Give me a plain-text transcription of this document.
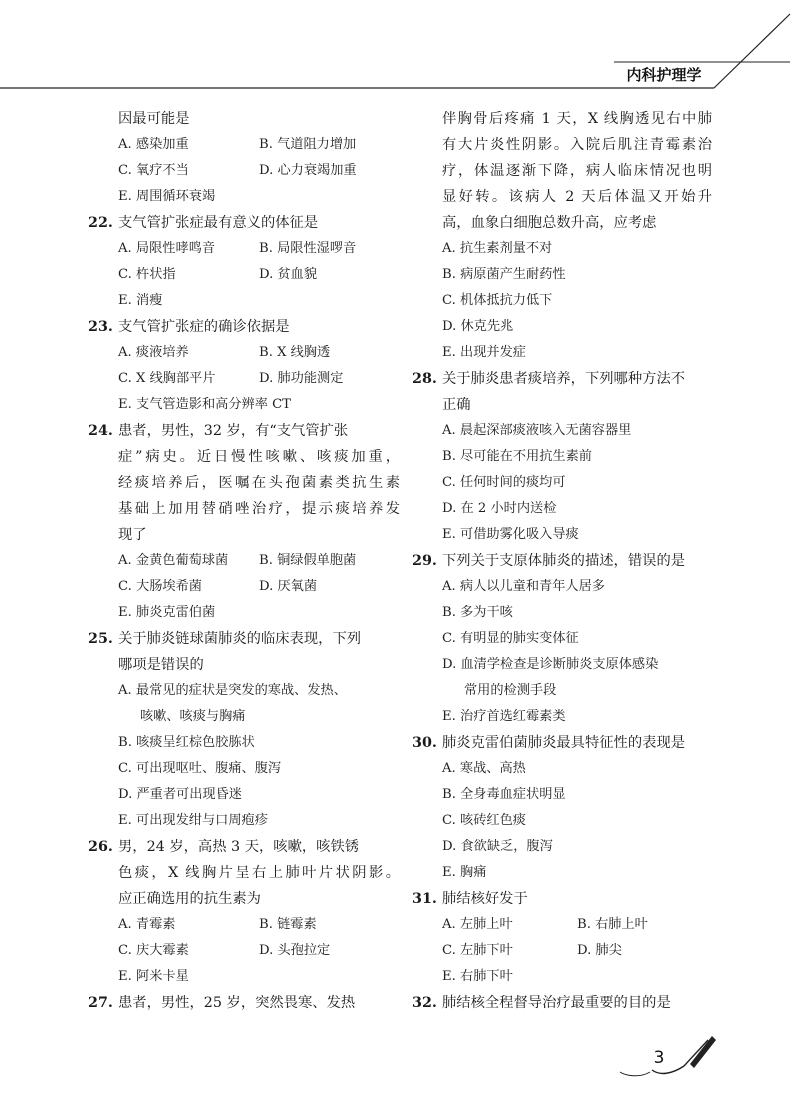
内科护理学
因最可能是
A. 感染加重	B. 气道阻力增加
C. 氧疗不当	D. 心力衰竭加重
E. 周围循环衰竭
22. 支气管扩张症最有意义的体征是
A. 局限性哮鸣音	B. 局限性湿啰音
C. 杵状指	D. 贫血貌
E. 消瘦
23. 支气管扩张症的确诊依据是
A. 痰液培养	B. X 线胸透
C. X 线胸部平片	D. 肺功能测定
E. 支气管造影和高分辨率 CT
24. 患者，男性，32 岁，有“支气管扩张
症”病史。近日慢性咳嗽、咳痰加重，
经痰培养后，医嘱在头孢菌素类抗生素
基础上加用替硝唑治疗，提示痰培养发
现了
A. 金黄色葡萄球菌	B. 铜绿假单胞菌
C. 大肠埃希菌	D. 厌氧菌
E. 肺炎克雷伯菌
25. 关于肺炎链球菌肺炎的临床表现，下列
哪项是错误的
A. 最常见的症状是突发的寒战、发热、
咳嗽、咳痰与胸痛
B. 咳痰呈红棕色胶胨状
C. 可出现呕吐、腹痛、腹泻
D. 严重者可出现昏迷
E. 可出现发绀与口周疱疹
26. 男，24 岁，高热 3 天，咳嗽，咳铁锈
色痰，X 线胸片呈右上肺叶片状阴影。
应正确选用的抗生素为
A. 青霉素	B. 链霉素
C. 庆大霉素	D. 头孢拉定
E. 阿米卡星
27. 患者，男性，25 岁，突然畏寒、发热
伴胸骨后疼痛 1 天，X 线胸透见右中肺
有大片炎性阴影。入院后肌注青霉素治
疗，体温逐渐下降，病人临床情况也明
显好转。该病人 2 天后体温又开始升
高，血象白细胞总数升高，应考虑
A. 抗生素剂量不对
B. 病原菌产生耐药性
C. 机体抵抗力低下
D. 休克先兆
E. 出现并发症
28. 关于肺炎患者痰培养，下列哪种方法不
正确
A. 晨起深部痰液咳入无菌容器里
B. 尽可能在不用抗生素前
C. 任何时间的痰均可
D. 在 2 小时内送检
E. 可借助雾化吸入导痰
29. 下列关于支原体肺炎的描述，错误的是
A. 病人以儿童和青年人居多
B. 多为干咳
C. 有明显的肺实变体征
D. 血清学检查是诊断肺炎支原体感染
常用的检测手段
E. 治疗首选红霉素类
30. 肺炎克雷伯菌肺炎最具特征性的表现是
A. 寒战、高热
B. 全身毒血症状明显
C. 咳砖红色痰
D. 食欲缺乏，腹泻
E. 胸痛
31. 肺结核好发于
A. 左肺上叶	B. 右肺上叶
C. 左肺下叶	D. 肺尖
E. 右肺下叶
32. 肺结核全程督导治疗最重要的目的是
3
